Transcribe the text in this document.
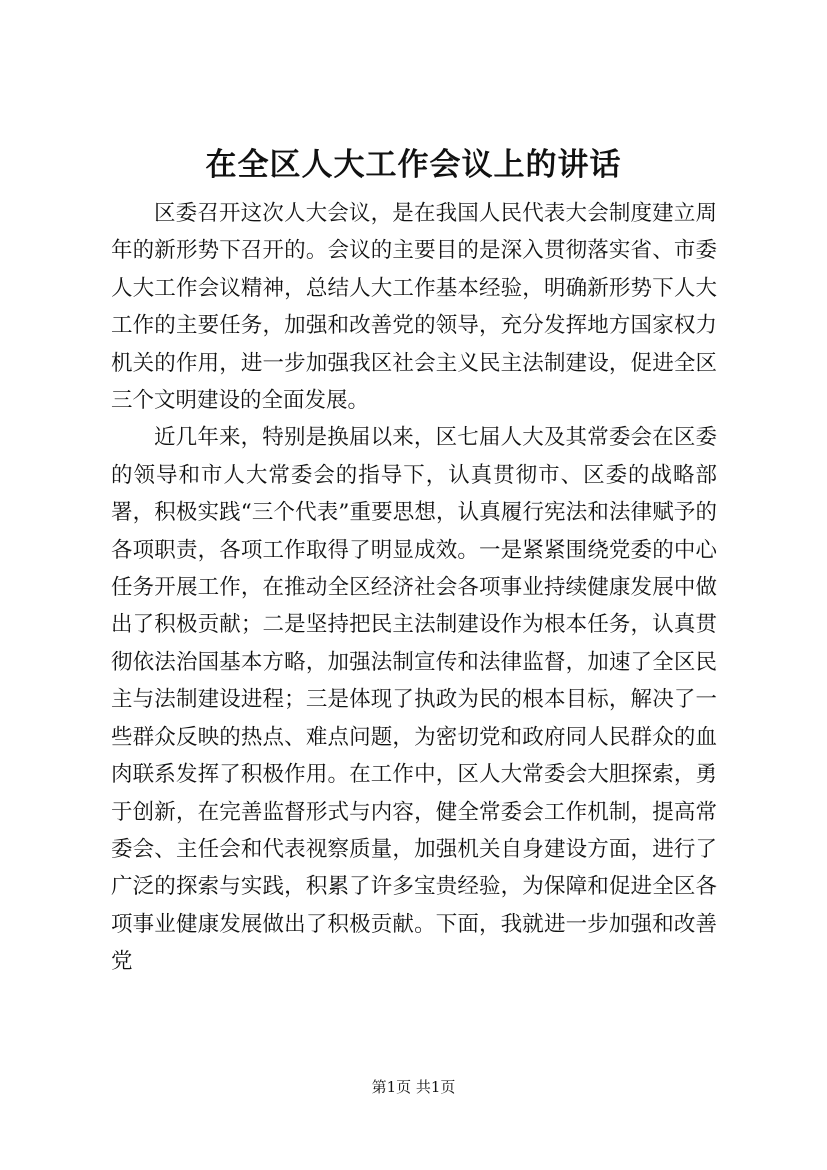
在全区人大工作会议上的讲话

区委召开这次人大会议，是在我国人民代表大会制度建立周年的新形势下召开的。会议的主要目的是深入贯彻落实省、市委人大工作会议精神，总结人大工作基本经验，明确新形势下人大工作的主要任务，加强和改善党的领导，充分发挥地方国家权力机关的作用，进一步加强我区社会主义民主法制建设，促进全区三个文明建设的全面发展。

近几年来，特别是换届以来，区七届人大及其常委会在区委的领导和市人大常委会的指导下，认真贯彻市、区委的战略部署，积极实践“三个代表”重要思想，认真履行宪法和法律赋予的各项职责，各项工作取得了明显成效。一是紧紧围绕党委的中心任务开展工作，在推动全区经济社会各项事业持续健康发展中做出了积极贡献；二是坚持把民主法制建设作为根本任务，认真贯彻依法治国基本方略，加强法制宣传和法律监督，加速了全区民主与法制建设进程；三是体现了执政为民的根本目标，解决了一些群众反映的热点、难点问题，为密切党和政府同人民群众的血肉联系发挥了积极作用。在工作中，区人大常委会大胆探索，勇于创新，在完善监督形式与内容，健全常委会工作机制，提高常委会、主任会和代表视察质量，加强机关自身建设方面，进行了广泛的探索与实践，积累了许多宝贵经验，为保障和促进全区各项事业健康发展做出了积极贡献。下面，我就进一步加强和改善党

第1页 共1页
